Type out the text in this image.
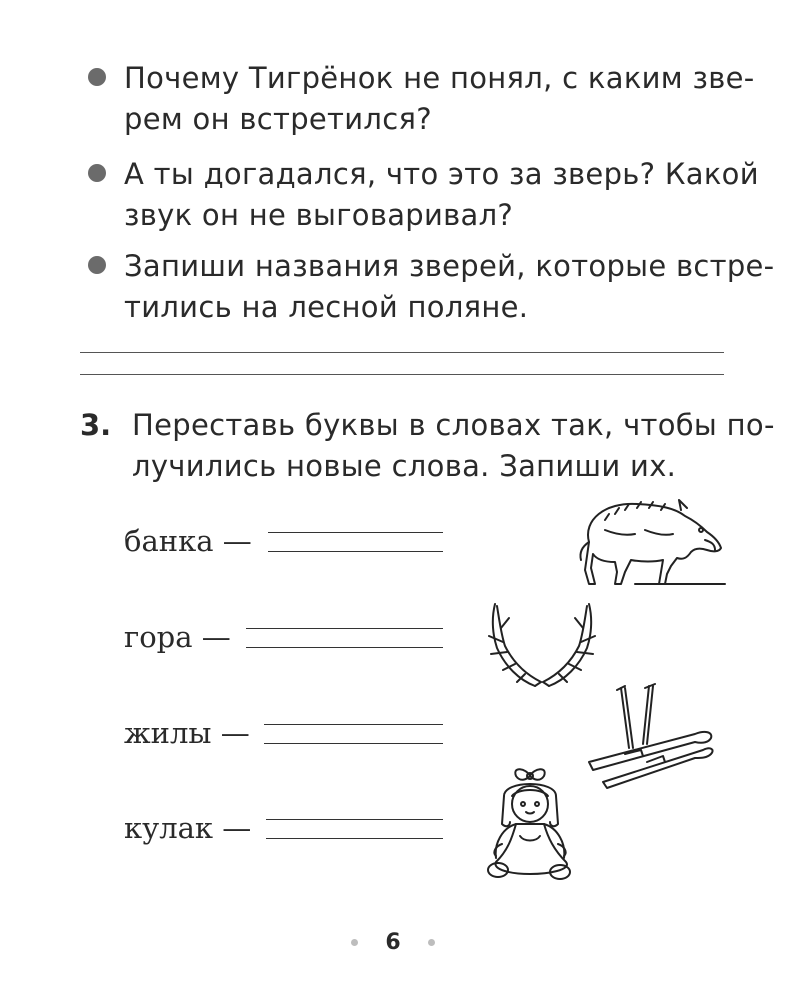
Почему Тигрёнок не понял, с каким зве-
рем он встретился?
А ты догадался, что это за зверь? Какой
звук он не выговаривал?
Запиши названия зверей, которые встре-
тились на лесной поляне.
3. Переставь буквы в словах так, чтобы по-
лучились новые слова. Запиши их.
банка —
гора —
жилы —
кулак —
6
